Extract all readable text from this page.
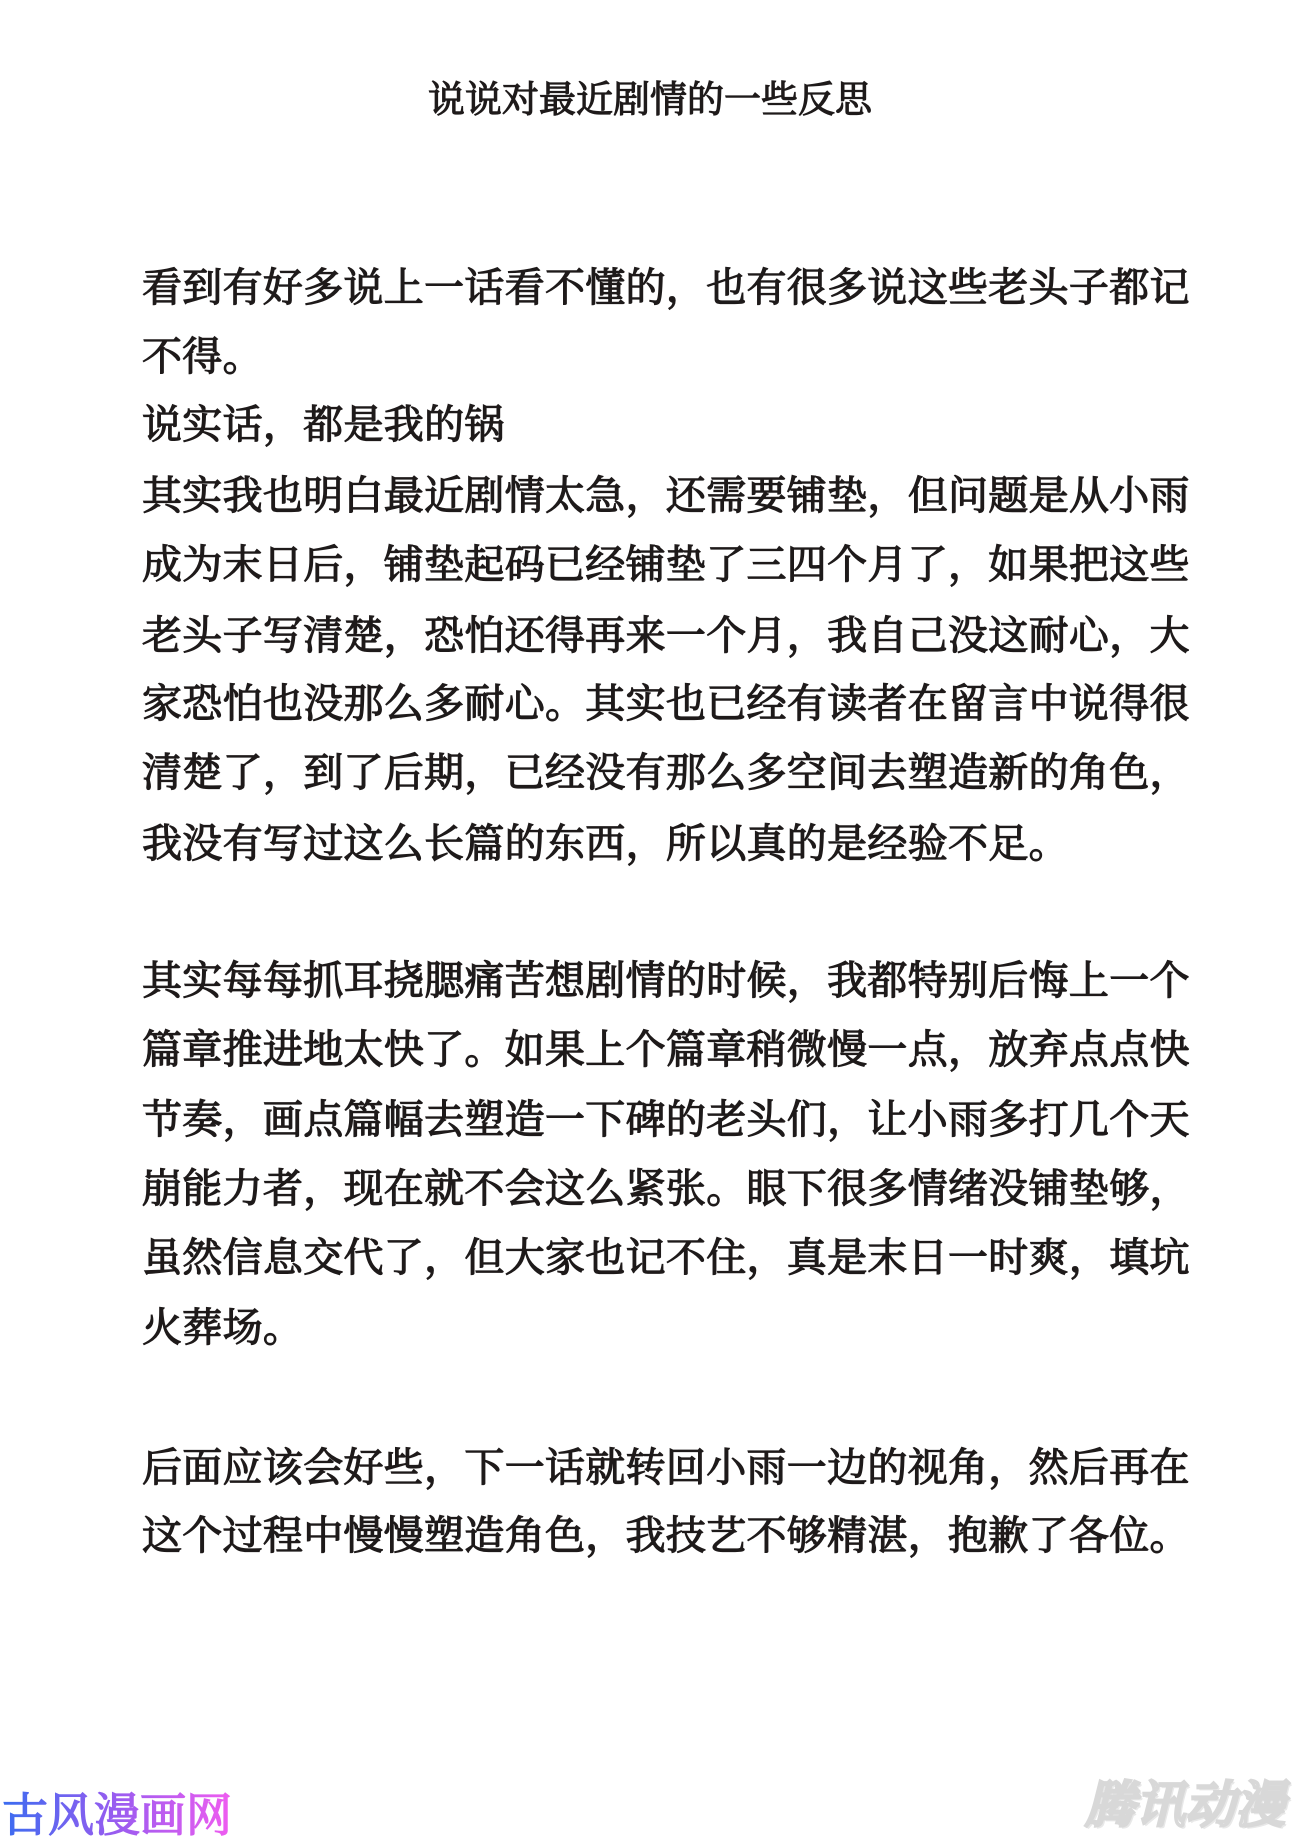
说说对最近剧情的一些反思
看到有好多说上一话看不懂的，也有很多说这些老头子都记
不得。
说实话，都是我的锅
其实我也明白最近剧情太急，还需要铺垫，但问题是从小雨
成为末日后，铺垫起码已经铺垫了三四个月了，如果把这些
老头子写清楚，恐怕还得再来一个月，我自己没这耐心，大
家恐怕也没那么多耐心。其实也已经有读者在留言中说得很
清楚了，到了后期，已经没有那么多空间去塑造新的角色，
我没有写过这么长篇的东西，所以真的是经验不足。
其实每每抓耳挠腮痛苦想剧情的时候，我都特别后悔上一个
篇章推进地太快了。如果上个篇章稍微慢一点，放弃点点快
节奏，画点篇幅去塑造一下碑的老头们，让小雨多打几个天
崩能力者，现在就不会这么紧张。眼下很多情绪没铺垫够，
虽然信息交代了，但大家也记不住，真是末日一时爽，填坑
火葬场。
后面应该会好些，下一话就转回小雨一边的视角，然后再在
这个过程中慢慢塑造角色，我技艺不够精湛，抱歉了各位。
古风漫画网	腾讯动漫
